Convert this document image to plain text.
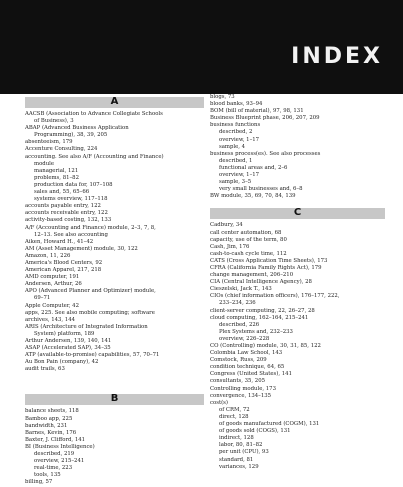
INDEX
A
AACSB (Association to Advance Collegiate Schools
of Business), 3
ABAP (Advanced Business Application
Programming), 38, 39, 205
absenteeism, 179
Accenture Consulting, 224
accounting. See also A/F (Accounting and Finance)
module
managerial, 121
problems, 81–82
production data for, 107–108
sales and, 55, 65–66
systems overview, 117–118
accounts payable entry, 122
accounts receivable entry, 122
activity-based costing, 132, 133
A/F (Accounting and Finance) module, 2–3, 7, 8,
12–13. See also accounting
Aiken, Howard H., 41–42
AM (Asset Management) module, 30, 122
Amazon, 11, 226
America's Blood Centers, 92
American Apparel, 217, 218
AMD computer, 191
Andersen, Arthur, 26
APO (Advanced Planner and Optimizer) module,
69–71
Apple Computer, 42
apps, 225. See also mobile computing; software
archives, 143, 144
ARIS (Architecture of Integrated Information
System) platform, 189
Arthur Andersen, 139, 140, 141
ASAP (Accelerated SAP), 34–35
ATP (available-to-promise) capabilities, 57, 70–71
Au Bon Pain (company), 42
audit trails, 63
B
balance sheets, 118
Bamboo app, 225
bandwidth, 231
Barnes, Kevin, 176
Baxter, J. Clifford, 141
BI (Business Intelligence)
described, 219
overview, 215–241
real-time, 223
tools, 135
billing, 57
blogs, 73
blood banks, 93–94
BOM (bill of material), 97, 98, 131
Business Blueprint phase, 206, 207, 209
business functions
described, 2
overview, 1–17
sample, 4
business process(es). See also processes
described, 1
functional areas and, 2–6
overview, 1–17
sample, 3–5
very small businesses and, 6–8
BW module, 35, 69, 70, 84, 139
C
Cadbury, 34
call center automation, 68
capacity, use of the term, 80
Cash, Jim, 176
cash-to-cash cycle time, 112
CATS (Cross Application Time Sheets), 173
CFRA (California Family Rights Act), 179
change management, 206–210
CIA (Central Intelligence Agency), 28
Cieszelski, Jack T., 143
CIOs (chief information officers), 176–177, 222,
233–234, 236
client-server computing, 22, 26–27, 28
cloud computing, 162–164, 215–241
described, 226
Plex Systems and, 232–233
overview, 226–228
CO (Controlling) module, 30, 31, 85, 122
Colombia Law School, 143
Comstock, Russ, 209
condition technique, 64, 65
Congress (United States), 141
consultants, 35, 205
Controlling module, 173
convergence, 134–135
cost(s)
of CRM, 72
direct, 128
of goods manufactured (COGM), 131
of goods sold (COGS), 131
indirect, 128
labor, 80, 81–82
per unit (CPU), 93
standard, 81
variances, 129
